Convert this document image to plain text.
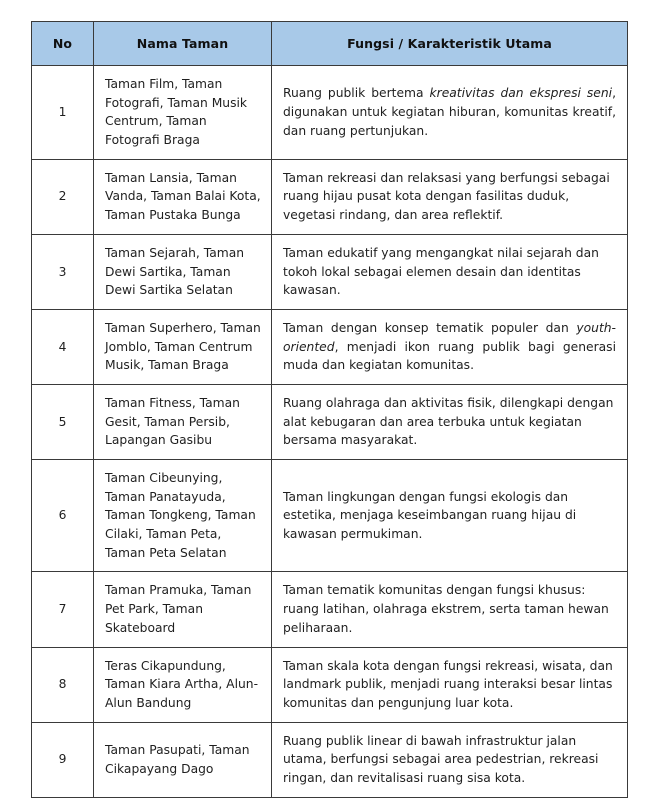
No	Nama Taman	Fungsi / Karakteristik Utama
1	Taman Film, Taman Fotografi, Taman Musik Centrum, Taman Fotografi Braga	Ruang publik bertema kreativitas dan ekspresi seni, digunakan untuk kegiatan hiburan, komunitas kreatif, dan ruang pertunjukan.
2	Taman Lansia, Taman Vanda, Taman Balai Kota, Taman Pustaka Bunga	Taman rekreasi dan relaksasi yang berfungsi sebagai ruang hijau pusat kota dengan fasilitas duduk, vegetasi rindang, dan area reflektif.
3	Taman Sejarah, Taman Dewi Sartika, Taman Dewi Sartika Selatan	Taman edukatif yang mengangkat nilai sejarah dan tokoh lokal sebagai elemen desain dan identitas kawasan.
4	Taman Superhero, Taman Jomblo, Taman Centrum Musik, Taman Braga	Taman dengan konsep tematik populer dan youth-oriented, menjadi ikon ruang publik bagi generasi muda dan kegiatan komunitas.
5	Taman Fitness, Taman Gesit, Taman Persib, Lapangan Gasibu	Ruang olahraga dan aktivitas fisik, dilengkapi dengan alat kebugaran dan area terbuka untuk kegiatan bersama masyarakat.
6	Taman Cibeunying, Taman Panatayuda, Taman Tongkeng, Taman Cilaki, Taman Peta, Taman Peta Selatan	Taman lingkungan dengan fungsi ekologis dan estetika, menjaga keseimbangan ruang hijau di kawasan permukiman.
7	Taman Pramuka, Taman Pet Park, Taman Skateboard	Taman tematik komunitas dengan fungsi khusus: ruang latihan, olahraga ekstrem, serta taman hewan peliharaan.
8	Teras Cikapundung, Taman Kiara Artha, Alun-Alun Bandung	Taman skala kota dengan fungsi rekreasi, wisata, dan landmark publik, menjadi ruang interaksi besar lintas komunitas dan pengunjung luar kota.
9	Taman Pasupati, Taman Cikapayang Dago	Ruang publik linear di bawah infrastruktur jalan utama, berfungsi sebagai area pedestrian, rekreasi ringan, dan revitalisasi ruang sisa kota.
